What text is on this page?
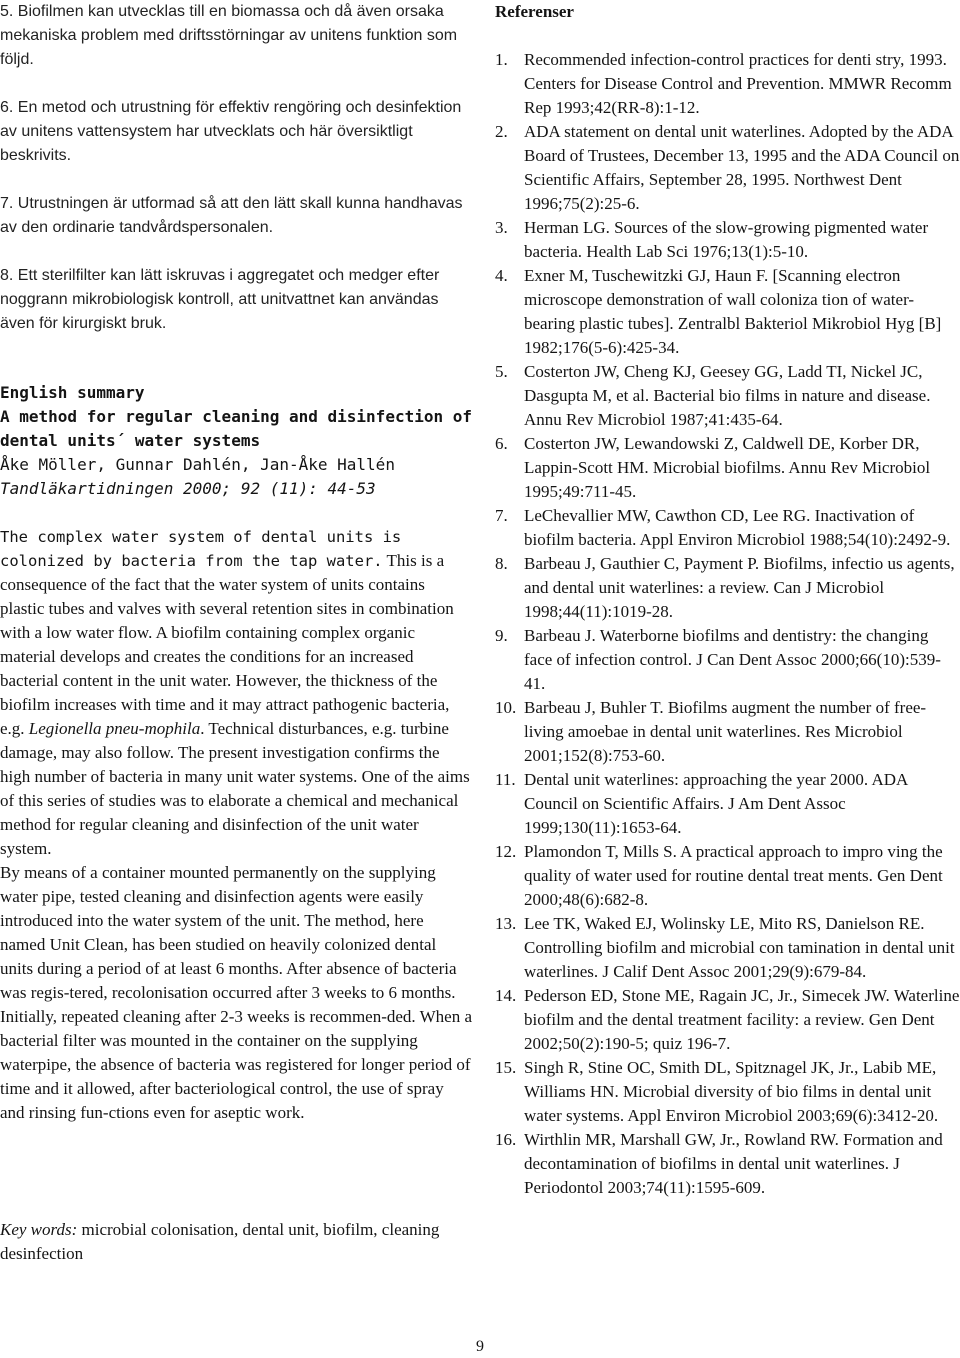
5. Biofilmen kan utvecklas till en biomassa och då även orsaka mekaniska problem med driftsstörningar av unitens funktion som följd.

6. En metod och utrustning för effektiv rengöring och desinfektion av unitens vattensystem har utvecklats och här översiktligt beskrivits.

7. Utrustningen är utformad så att den lätt skall kunna handhavas av den ordinarie tandvårdspersonalen.

8. Ett sterilfilter kan lätt iskruvas i aggregatet och medger efter noggrann mikrobiologisk kontroll, att unitvattnet kan användas även för kirurgiskt bruk.

English summary
A method for regular cleaning and disinfection of
dental units´ water systems
Åke Möller, Gunnar Dahlén, Jan-Åke Hallén
Tandläkartidningen 2000; 92 (11): 44-53
The complex water system of dental units is colonized by bacteria from the tap water. This is a consequence of the fact that the water system of units contains plastic tubes and valves with several retention sites in combination with a low water flow. A biofilm containing complex organic material develops and creates the conditions for an increased bacterial content in the unit water. However, the thickness of the biofilm increases with time and it may attract pathogenic bacteria, e.g. Legionella pneu-mophila. Technical disturbances, e.g. turbine damage, may also follow. The present investigation confirms the high number of bacteria in many unit water systems. One of the aims of this series of studies was to elaborate a chemical and mechanical method for regular cleaning and disinfection of the unit water system.
By means of a container mounted permanently on the supplying water pipe, tested cleaning and disinfection agents were easily introduced into the water system of the unit. The method, here named Unit Clean, has been studied on heavily colonized dental units during a period of at least 6 months. After absence of bacteria was regis-tered, recolonisation occurred after 3 weeks to 6 months. Initially, repeated cleaning after 2-3 weeks is recommen-ded. When a bacterial filter was mounted in the container on the supplying waterpipe, the absence of bacteria was registered for longer period of time and it allowed, after bacteriological control, the use of spray and rinsing fun-ctions even for aseptic work.
Key words: microbial colonisation, dental unit, biofilm, cleaning desinfection
Referenser
1. Recommended infection-control practices for denti stry, 1993. Centers for Disease Control and Prevention. MMWR Recomm Rep 1993;42(RR-8):1-12.
2. ADA statement on dental unit waterlines. Adopted by the ADA Board of Trustees, December 13, 1995 and the ADA Council on Scientific Affairs, September 28, 1995. Northwest Dent 1996;75(2):25-6.
3. Herman LG. Sources of the slow-growing pigmented water bacteria. Health Lab Sci 1976;13(1):5-10.
4. Exner M, Tuschewitzki GJ, Haun F. [Scanning electron microscope demonstration of wall coloniza tion of water-bearing plastic tubes]. Zentralbl Bakteriol Mikrobiol Hyg [B] 1982;176(5-6):425-34.
5. Costerton JW, Cheng KJ, Geesey GG, Ladd TI, Nickel JC, Dasgupta M, et al. Bacterial bio films in nature and disease. Annu Rev Microbiol 1987;41:435-64.
6. Costerton JW, Lewandowski Z, Caldwell DE, Korber DR, Lappin-Scott HM. Microbial biofilms. Annu Rev Microbiol 1995;49:711-45.
7. LeChevallier MW, Cawthon CD, Lee RG. Inactivation of biofilm bacteria. Appl Environ Microbiol 1988;54(10):2492-9.
8. Barbeau J, Gauthier C, Payment P. Biofilms, infectio us agents, and dental unit waterlines: a review. Can J Microbiol 1998;44(11):1019-28.
9. Barbeau J. Waterborne biofilms and dentistry: the changing face of infection control. J Can Dent Assoc 2000;66(10):539-41.
10. Barbeau J, Buhler T. Biofilms augment the number of free-living amoebae in dental unit waterlines. Res Microbiol 2001;152(8):753-60.
11. Dental unit waterlines: approaching the year 2000. ADA Council on Scientific Affairs. J Am Dent Assoc 1999;130(11):1653-64.
12. Plamondon T, Mills S. A practical approach to impro ving the quality of water used for routine dental treat ments. Gen Dent 2000;48(6):682-8.
13. Lee TK, Waked EJ, Wolinsky LE, Mito RS, Danielson RE. Controlling biofilm and microbial con tamination in dental unit waterlines. J Calif Dent Assoc 2001;29(9):679-84.
14. Pederson ED, Stone ME, Ragain JC, Jr., Simecek JW. Waterline biofilm and the dental treatment facility: a review. Gen Dent 2002;50(2):190-5; quiz 196-7.
15. Singh R, Stine OC, Smith DL, Spitznagel JK, Jr., Labib ME, Williams HN. Microbial diversity of bio films in dental unit water systems. Appl Environ Microbiol 2003;69(6):3412-20.
16. Wirthlin MR, Marshall GW, Jr., Rowland RW. Formation and decontamination of biofilms in dental unit waterlines. J Periodontol 2003;74(11):1595-609.
9
